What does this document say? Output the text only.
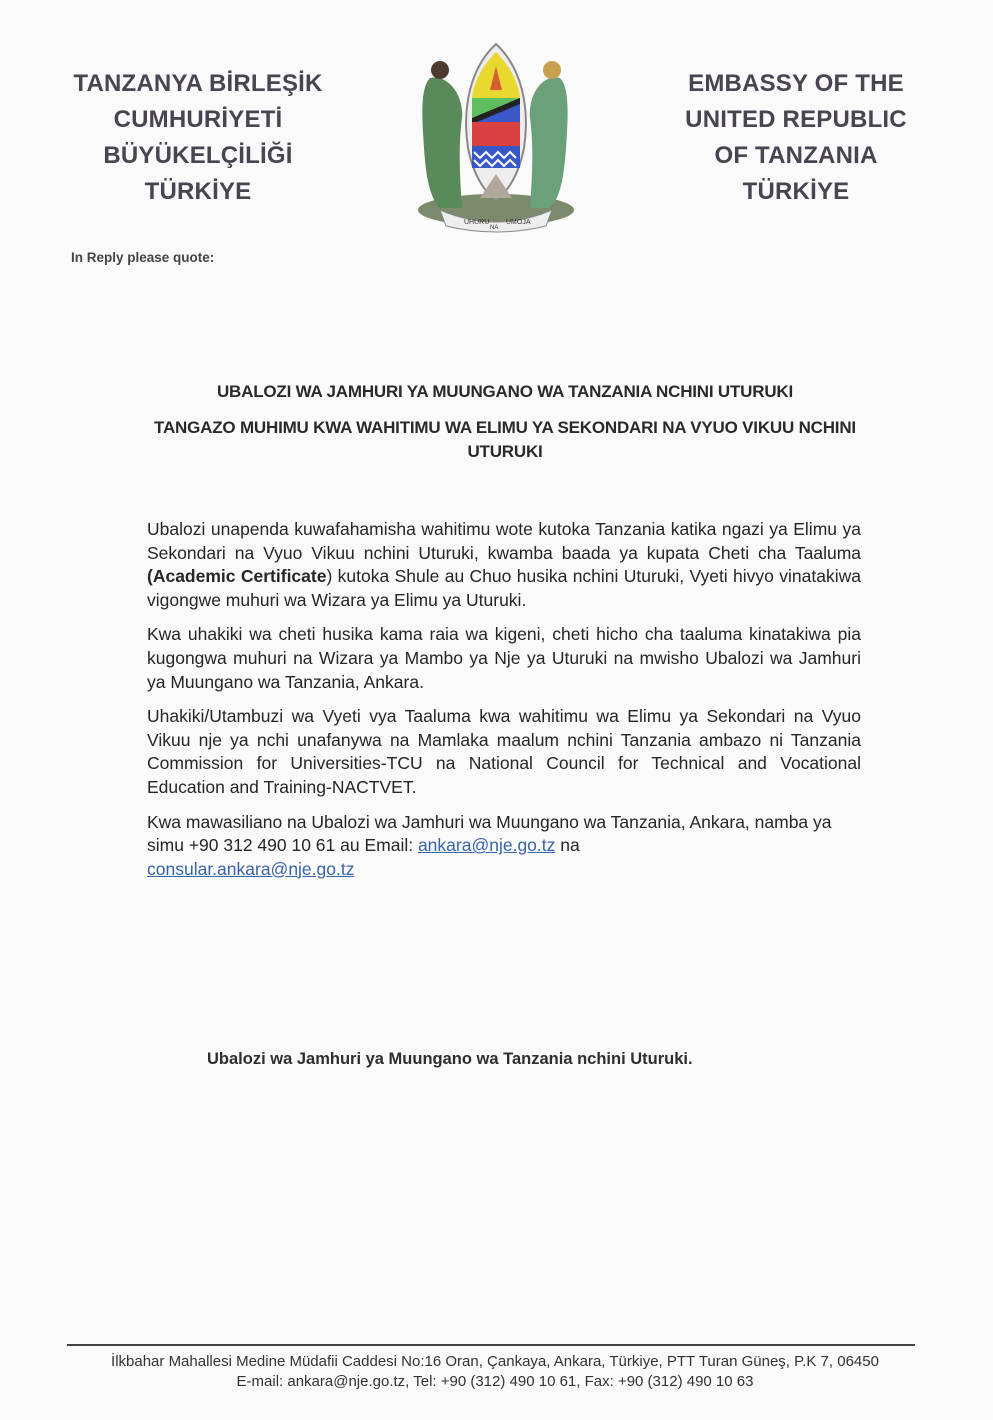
TANZANYA BİRLEŞİK
CUMHURİYETİ
BÜYÜKELÇİLİĞİ
TÜRKİYE
UHURU
NA
UMOJA
EMBASSY OF THE
UNITED REPUBLIC
OF TANZANIA
TÜRKİYE
In Reply please quote:
UBALOZI WA JAMHURI YA MUUNGANO WA TANZANIA NCHINI UTURUKI
TANGAZO MUHIMU KWA WAHITIMU WA ELIMU YA SEKONDARI NA VYUO VIKUU NCHINI UTURUKI

Ubalozi unapenda kuwafahamisha wahitimu wote kutoka Tanzania katika ngazi ya Elimu ya Sekondari na Vyuo Vikuu nchini Uturuki, kwamba baada ya kupata Cheti cha Taaluma (Academic Certificate) kutoka Shule au Chuo husika nchini Uturuki, Vyeti hivyo vinatakiwa vigongwe muhuri wa Wizara ya Elimu ya Uturuki.

Kwa uhakiki wa cheti husika kama raia wa kigeni, cheti hicho cha taaluma kinatakiwa pia kugongwa muhuri na Wizara ya Mambo ya Nje ya Uturuki na mwisho Ubalozi wa Jamhuri ya Muungano wa Tanzania, Ankara.

Uhakiki/Utambuzi wa Vyeti vya Taaluma kwa wahitimu wa Elimu ya Sekondari na Vyuo Vikuu nje ya nchi unafanywa na Mamlaka maalum nchini Tanzania ambazo ni Tanzania Commission for Universities-TCU na National Council for Technical and Vocational Education and Training-NACTVET.

Kwa mawasiliano na Ubalozi wa Jamhuri wa Muungano wa Tanzania, Ankara, namba ya simu +90 312 490 10 61 au Email: ankara@nje.go.tz na
consular.ankara@nje.go.tz

Ubalozi wa Jamhuri ya Muungano wa Tanzania nchini Uturuki.
İlkbahar Mahallesi Medine Müdafii Caddesi No:16 Oran, Çankaya, Ankara, Türkiye, PTT Turan Güneş, P.K 7, 06450
E-mail: ankara@nje.go.tz, Tel: +90 (312) 490 10 61, Fax: +90 (312) 490 10 63
